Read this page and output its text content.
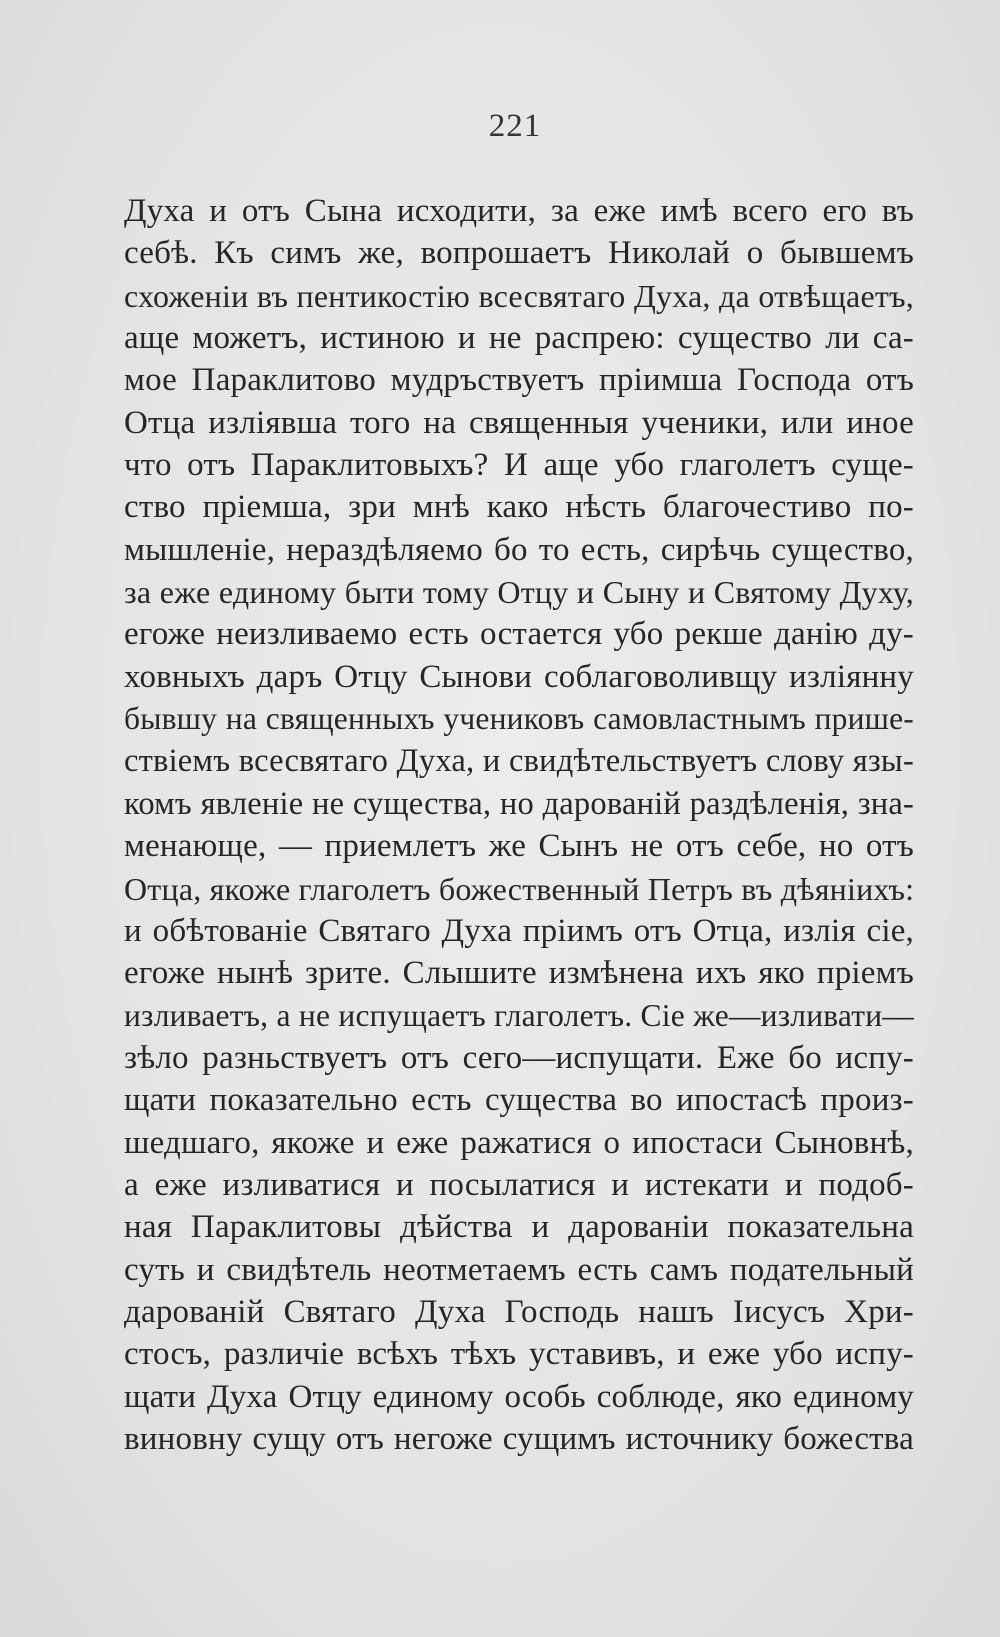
221
Духа и отъ Сына исходити, за еже имѣ всего его въ
себѣ. Къ симъ же, вопрошаетъ Николай о бывшемъ
схоженіи въ пентикостію всесвятаго Духа, да отвѣщаетъ,
аще можетъ, истиною и не распрею: существо ли са-
мое Параклитово мудръствуетъ пріимша Господа отъ
Отца изліявша того на священныя ученики, или иное
что отъ Параклитовыхъ? И аще убо глаголетъ суще-
ство пріемша, зри мнѣ како нѣсть благочестиво по-
мышленіе, нераздѣляемо бо то есть, сирѣчь существо,
за еже единому быти тому Отцу и Сыну и Святому Духу,
егоже неизливаемо есть остается убо рекше данію ду-
ховныхъ даръ Отцу Сынови соблаговоливщу изліянну
бывшу на священныхъ учениковъ самовластнымъ прише-
ствіемъ всесвятаго Духа, и свидѣтельствуетъ слову язы-
комъ явленіе не существа, но дарованій раздѣленія, зна-
менающе, — приемлетъ же Сынъ не отъ себе, но отъ
Отца, якоже глаголетъ божественный Петръ въ дѣяніихъ:
и обѣтованіе Святаго Духа пріимъ отъ Отца, излія сіе,
егоже нынѣ зрите. Слышите измѣнена ихъ яко пріемъ
изливаетъ, а не испущаетъ глаголетъ. Сіе же—изливати—
зѣло разньствуетъ отъ сего—испущати. Еже бо испу-
щати показательно есть существа во ипостасѣ произ-
шедшаго, якоже и еже ражатися о ипостаси Сыновнѣ,
а еже изливатися и посылатися и истекати и подоб-
ная Параклитовы дѣйства и дарованіи показательна
суть и свидѣтель неотметаемъ есть самъ подательный
дарованій Святаго Духа Господь нашъ Іисусъ Хри-
стосъ, различіе всѣхъ тѣхъ уставивъ, и еже убо испу-
щати Духа Отцу единому особь соблюде, яко единому
виновну сущу отъ негоже сущимъ источнику божества
